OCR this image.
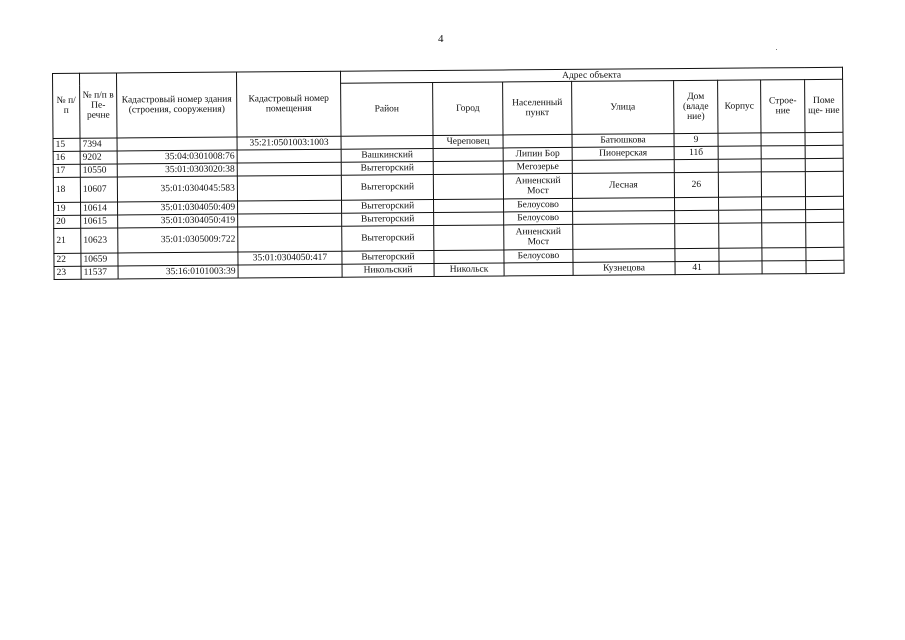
4
№ п/п	№ п/п в Пе- речне	Кадастровый номер здания (строения, сооружения)	Кадастровый номер помещения	Адрес объекта							
				Район	Город	Населенный пункт	Улица	Дом (владе ние)	Корпус	Строе- ние	Поме ще- ние
15	7394		35:21:0501003:1003		Череповец		Батюшкова	9			
16	9202	35:04:0301008:76		Вашкинский		Липин Бор	Пионерская	11б			
17	10550	35:01:0303020:38		Вытегорский		Мегозерье					
18	10607	35:01:0304045:583		Вытегорский		Анненский Мост	Лесная	26			
19	10614	35:01:0304050:409		Вытегорский		Белоусово					
20	10615	35:01:0304050:419		Вытегорский		Белоусово					
21	10623	35:01:0305009:722		Вытегорский		Анненский Мост					
22	10659		35:01:0304050:417	Вытегорский		Белоусово					
23	11537	35:16:0101003:39		Никольский	Никольск		Кузнецова	41			
